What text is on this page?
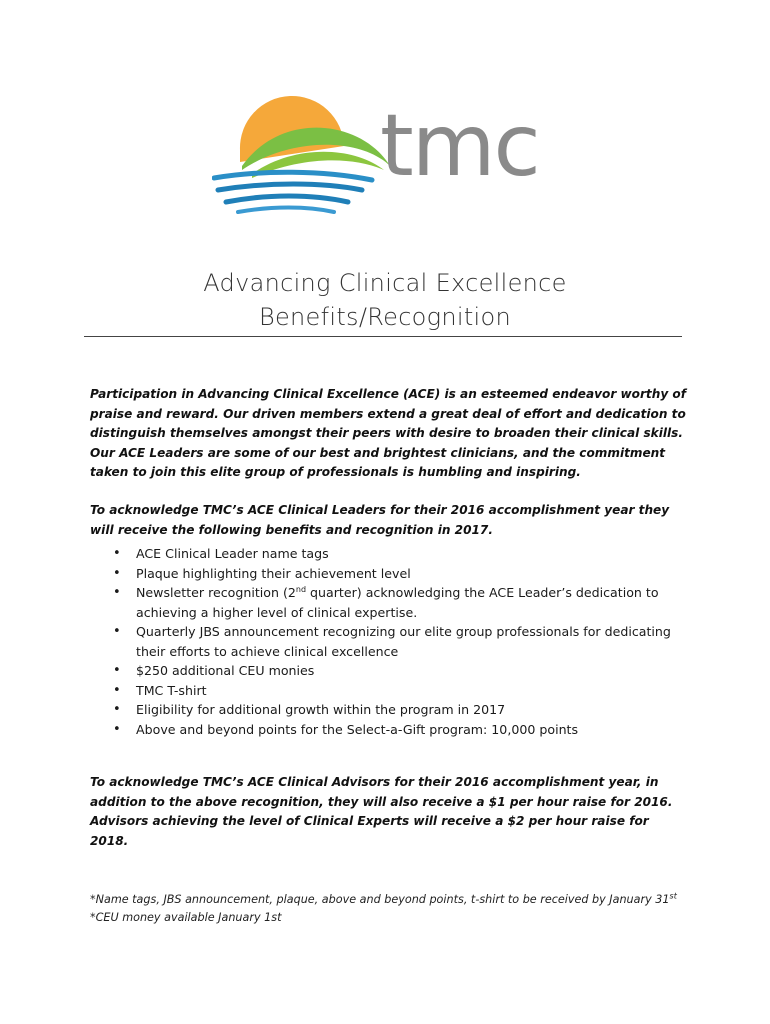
tmc
Advancing Clinical Excellence
Benefits/Recognition

Participation in Advancing Clinical Excellence (ACE) is an esteemed endeavor worthy of praise and reward. Our driven members extend a great deal of effort and dedication to distinguish themselves amongst their peers with desire to broaden their clinical skills. Our ACE Leaders are some of our best and brightest clinicians, and the commitment taken to join this elite group of professionals is humbling and inspiring.

To acknowledge TMC’s ACE Clinical Leaders for their 2016 accomplishment year they will receive the following benefits and recognition in 2017.

• ACE Clinical Leader name tags
• Plaque highlighting their achievement level
• Newsletter recognition (2nd quarter) acknowledging the ACE Leader’s dedication to achieving a higher level of clinical expertise.
• Quarterly JBS announcement recognizing our elite group professionals for dedicating their efforts to achieve clinical excellence
• $250 additional CEU monies
• TMC T-shirt
• Eligibility for additional growth within the program in 2017
• Above and beyond points for the Select-a-Gift program: 10,000 points

To acknowledge TMC’s ACE Clinical Advisors for their 2016 accomplishment year, in addition to the above recognition, they will also receive a $1 per hour raise for 2016. Advisors achieving the level of Clinical Experts will receive a $2 per hour raise for 2018.

*Name tags, JBS announcement, plaque, above and beyond points, t-shirt to be received by January 31st
*CEU money available January 1st
